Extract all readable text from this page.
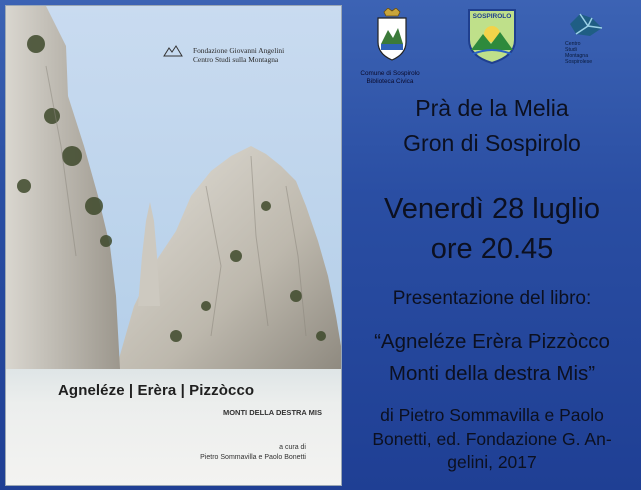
Fondazione Giovanni Angelini
Centro Studi sulla Montagna
Agneléze | Erèra | Pizzòcco
MONTI DELLA DESTRA MIS
a cura di
Pietro Sommavilla e Paolo Bonetti
Comune di Sospirolo
Biblioteca Civica
SOSPIROLO
Centro
Studi
Montagna
Sospirolese
Prà de la Melia
Gron di Sospirolo
Venerdì 28 luglio
ore 20.45
Presentazione del libro:
“Agneléze Erèra Pizzòcco
Monti della destra Mis”
di Pietro Sommavilla e Paolo
Bonetti, ed. Fondazione G. An-
gelini, 2017
